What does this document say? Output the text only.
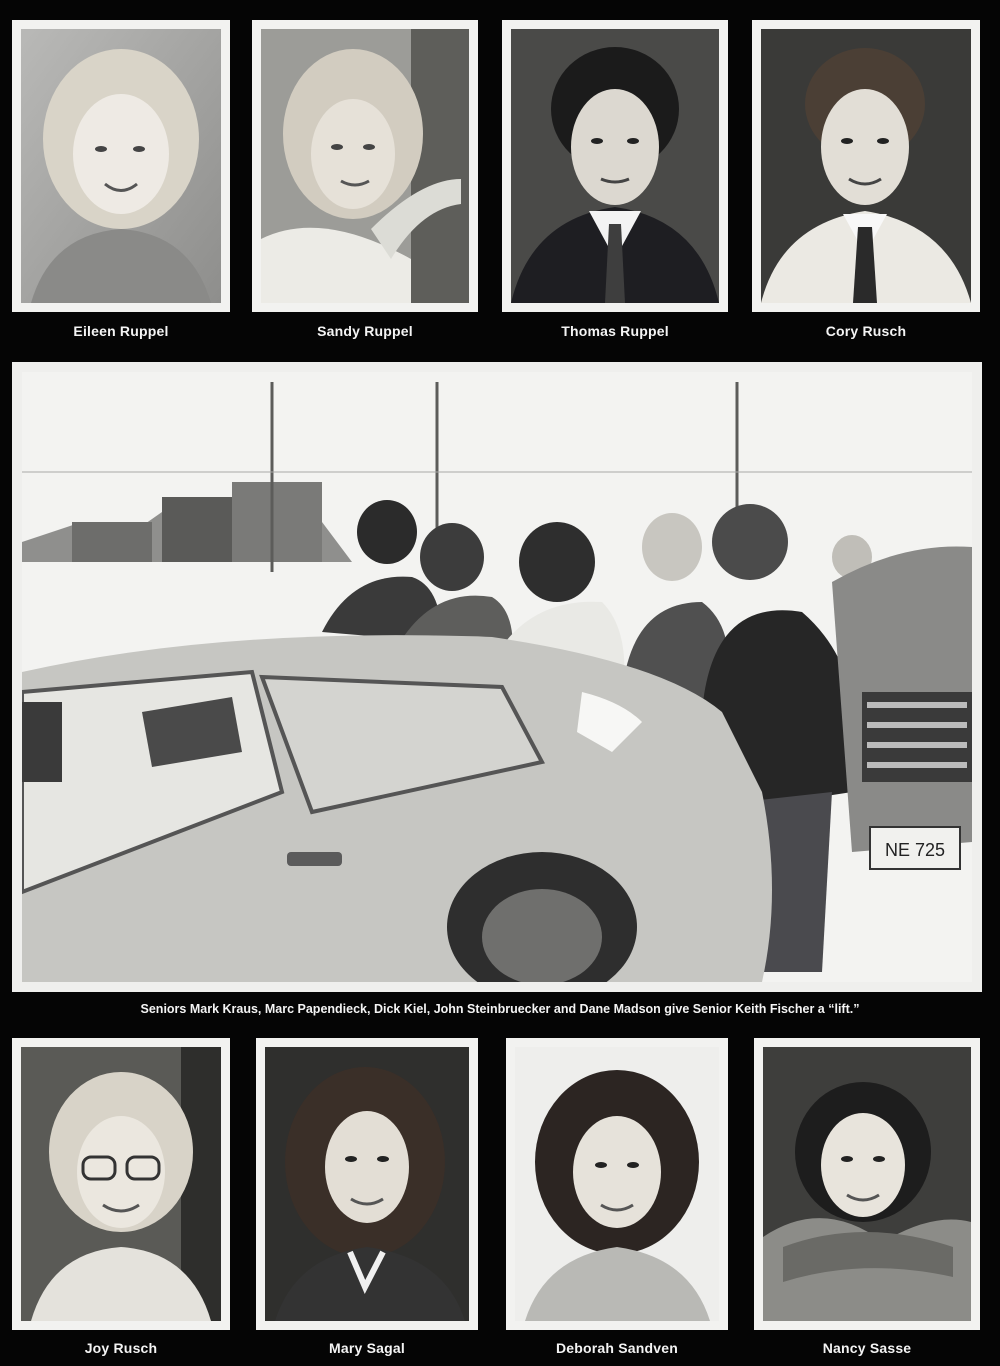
Eileen Ruppel	Sandy Ruppel	Thomas Ruppel	Cory Rusch
NE 725
Seniors Mark Kraus, Marc Papendieck, Dick Kiel, John Steinbruecker and Dane Madson give Senior Keith Fischer a “lift.”
Joy Rusch	Mary Sagal	Deborah Sandven	Nancy Sasse
